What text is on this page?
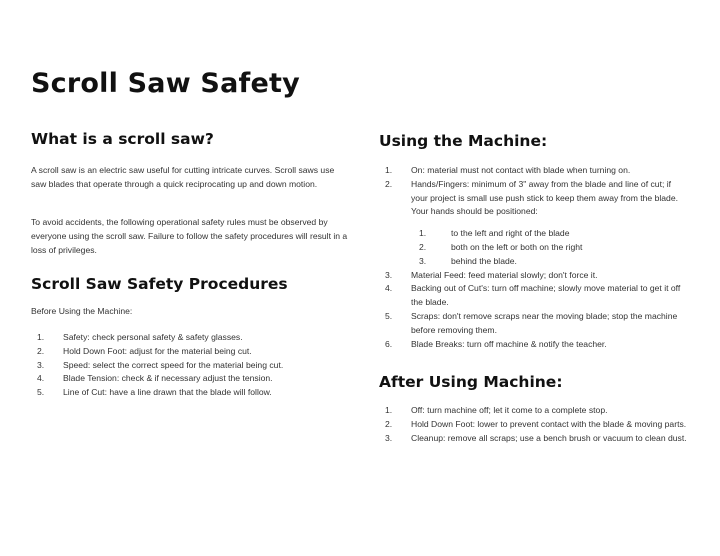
Scroll Saw Safety
What is a scroll saw?

A scroll saw is an electric saw useful for cutting intricate curves. Scroll saws use saw blades that operate through a quick reciprocating up and down motion.

To avoid accidents, the following operational safety rules must be observed by everyone using the scroll saw. Failure to follow the safety procedures will result in a loss of privileges.

Scroll Saw Safety Procedures

Before Using the Machine:

1. Safety: check personal safety & safety glasses.
2. Hold Down Foot: adjust for the material being cut.
3. Speed: select the correct speed for the material being cut.
4. Blade Tension: check & if necessary adjust the tension.
5. Line of Cut: have a line drawn that the blade will follow.
Using the Machine:
1. On: material must not contact with blade when turning on.
2. Hands/Fingers: minimum of 3" away from the blade and line of cut; if your project is small use push stick to keep them away from the blade. Your hands should be positioned:
1.	to the left and right of the blade
2.	both on the left or both on the right
3.	behind the blade.
3. Material Feed: feed material slowly; don't force it.
4. Backing out of Cut's: turn off machine; slowly move material to get it off the blade.
5. Scraps: don't remove scraps near the moving blade; stop the machine before removing them.
6. Blade Breaks: turn off machine & notify the teacher.
After Using Machine:
1. Off: turn machine off; let it come to a complete stop.
2. Hold Down Foot: lower to prevent contact with the blade & moving parts.
3. Cleanup: remove all scraps; use a bench brush or vacuum to clean dust.
